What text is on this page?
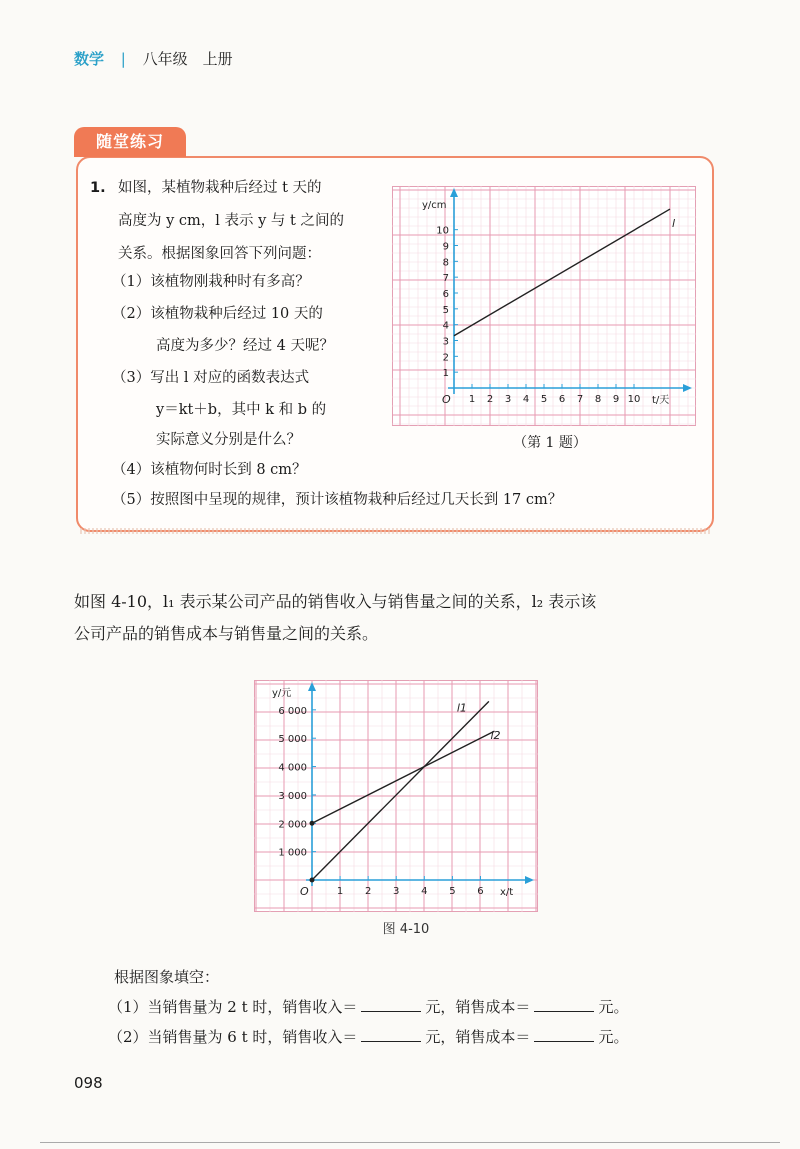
数学 | 八年级　上册
随堂练习
1. 如图，某植物栽种后经过 t 天的
高度为 y cm，l 表示 y 与 t 之间的
关系。根据图象回答下列问题：
（1）该植物刚栽种时有多高？
（2）该植物栽种后经过 10 天的
高度为多少？经过 4 天呢？
（3）写出 l 对应的函数表达式
y＝kt＋b，其中 k 和 b 的
实际意义分别是什么？
（4）该植物何时长到 8 cm？
（5）按照图中呈现的规律，预计该植物栽种后经过几天长到 17 cm？
1 2 3 4 5 6 7 8 9 10
1
2
3
4
5
6
7
8
9
10
O	t/天
y/cm
l
（第 1 题）
如图 4-10，l₁ 表示某公司产品的销售收入与销售量之间的关系，l₂ 表示该
公司产品的销售成本与销售量之间的关系。
1 2 3 4 5 6
1 000
2 000
3 000
4 000
5 000
6 000
O	x/t
y/元
l1
l2
图 4-10
根据图象填空：
（1）当销售量为 2 t 时，销售收入＝	元，销售成本＝	元。
（2）当销售量为 6 t 时，销售收入＝	元，销售成本＝	元。
098
